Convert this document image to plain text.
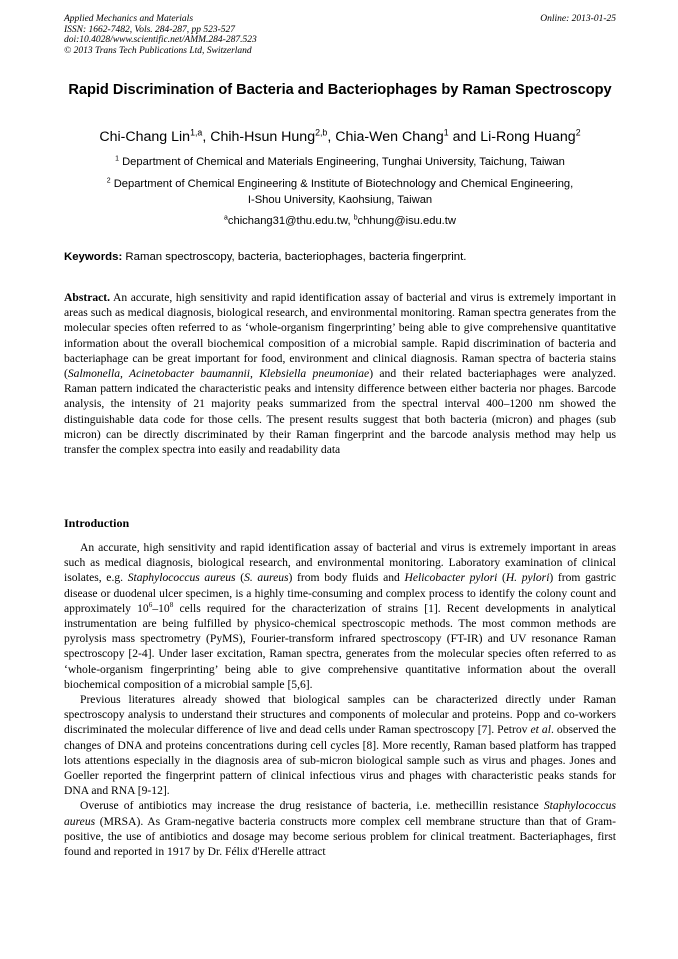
Applied Mechanics and Materials
ISSN: 1662-7482, Vols. 284-287, pp 523-527
doi:10.4028/www.scientific.net/AMM.284-287.523
© 2013 Trans Tech Publications Ltd, Switzerland
Online: 2013-01-25
Rapid Discrimination of Bacteria and Bacteriophages by Raman Spectroscopy
Chi-Chang Lin$^{1,a}$, Chih-Hsun Hung$^{2,b}$, Chia-Wen Chang$^1$ and Li-Rong Huang$^2$
$^1$ Department of Chemical and Materials Engineering, Tunghai University, Taichung, Taiwan
$^2$ Department of Chemical Engineering & Institute of Biotechnology and Chemical Engineering,
I-Shou University, Kaohsiung, Taiwan
$^a$chichang31@thu.edu.tw, $^b$chhung@isu.edu.tw
Keywords: Raman spectroscopy, bacteria, bacteriophages, bacteria fingerprint.

Abstract. An accurate, high sensitivity and rapid identification assay of bacterial and virus is extremely important in areas such as medical diagnosis, biological research, and environmental monitoring. Raman spectra generates from the molecular species often referred to as ‘whole-organism fingerprinting’ being able to give comprehensive quantitative information about the overall biochemical composition of a microbial sample. Rapid discrimination of bacteria and bacteriaphage can be great important for food, environment and clinical diagnosis. Raman spectra of bacteria stains (Salmonella, Acinetobacter baumannii, Klebsiella pneumoniae) and their related bacteriaphages were analyzed. Raman pattern indicated the characteristic peaks and intensity difference between either bacteria nor phages. Barcode analysis, the intensity of 21 majority peaks summarized from the spectral interval 400–1200 nm showed the distinguishable data code for those cells. The present results suggest that both bacteria (micron) and phages (sub micron) can be directly discriminated by their Raman fingerprint and the barcode analysis method may help us transfer the complex spectra into easily and readability data

Introduction

An accurate, high sensitivity and rapid identification assay of bacterial and virus is extremely important in areas such as medical diagnosis, biological research, and environmental monitoring. Laboratory examination of clinical isolates, e.g. Staphylococcus aureus (S. aureus) from body fluids and Helicobacter pylori (H. pylori) from gastric disease or duodenal ulcer specimen, is a highly time-consuming and complex process to identify the colony count and approximately $10^6-10^8$ cells required for the characterization of strains [1]. Recent developments in analytical instrumentation are being fulfilled by physico-chemical spectroscopic methods. The most common methods are pyrolysis mass spectrometry (PyMS), Fourier-transform infrared spectroscopy (FT-IR) and UV resonance Raman spectroscopy [2-4]. Under laser excitation, Raman spectra, generates from the molecular species often referred to as ‘whole-organism fingerprinting’ being able to give comprehensive quantitative information about the overall biochemical composition of a microbial sample [5,6].

Previous literatures already showed that biological samples can be characterized directly under Raman spectroscopy analysis to understand their structures and components of molecular and proteins. Popp and co-workers discriminated the molecular difference of live and dead cells under Raman spectroscopy [7]. Petrov et al. observed the changes of DNA and proteins concentrations during cell cycles [8]. More recently, Raman based platform has trapped lots attentions especially in the diagnosis area of sub-micron biological sample such as virus and phages. Jones and Goeller reported the fingerprint pattern of clinical infectious virus and phages with characteristic peaks stands for DNA and RNA [9-12].

Overuse of antibiotics may increase the drug resistance of bacteria, i.e. methecillin resistance Staphylococcus aureus (MRSA). As Gram-negative bacteria constructs more complex cell membrane structure than that of Gram-positive, the use of antibiotics and dosage may become serious problem for clinical treatment. Bacteriaphages, first found and reported in 1917 by Dr. Félix d'Herelle attract
